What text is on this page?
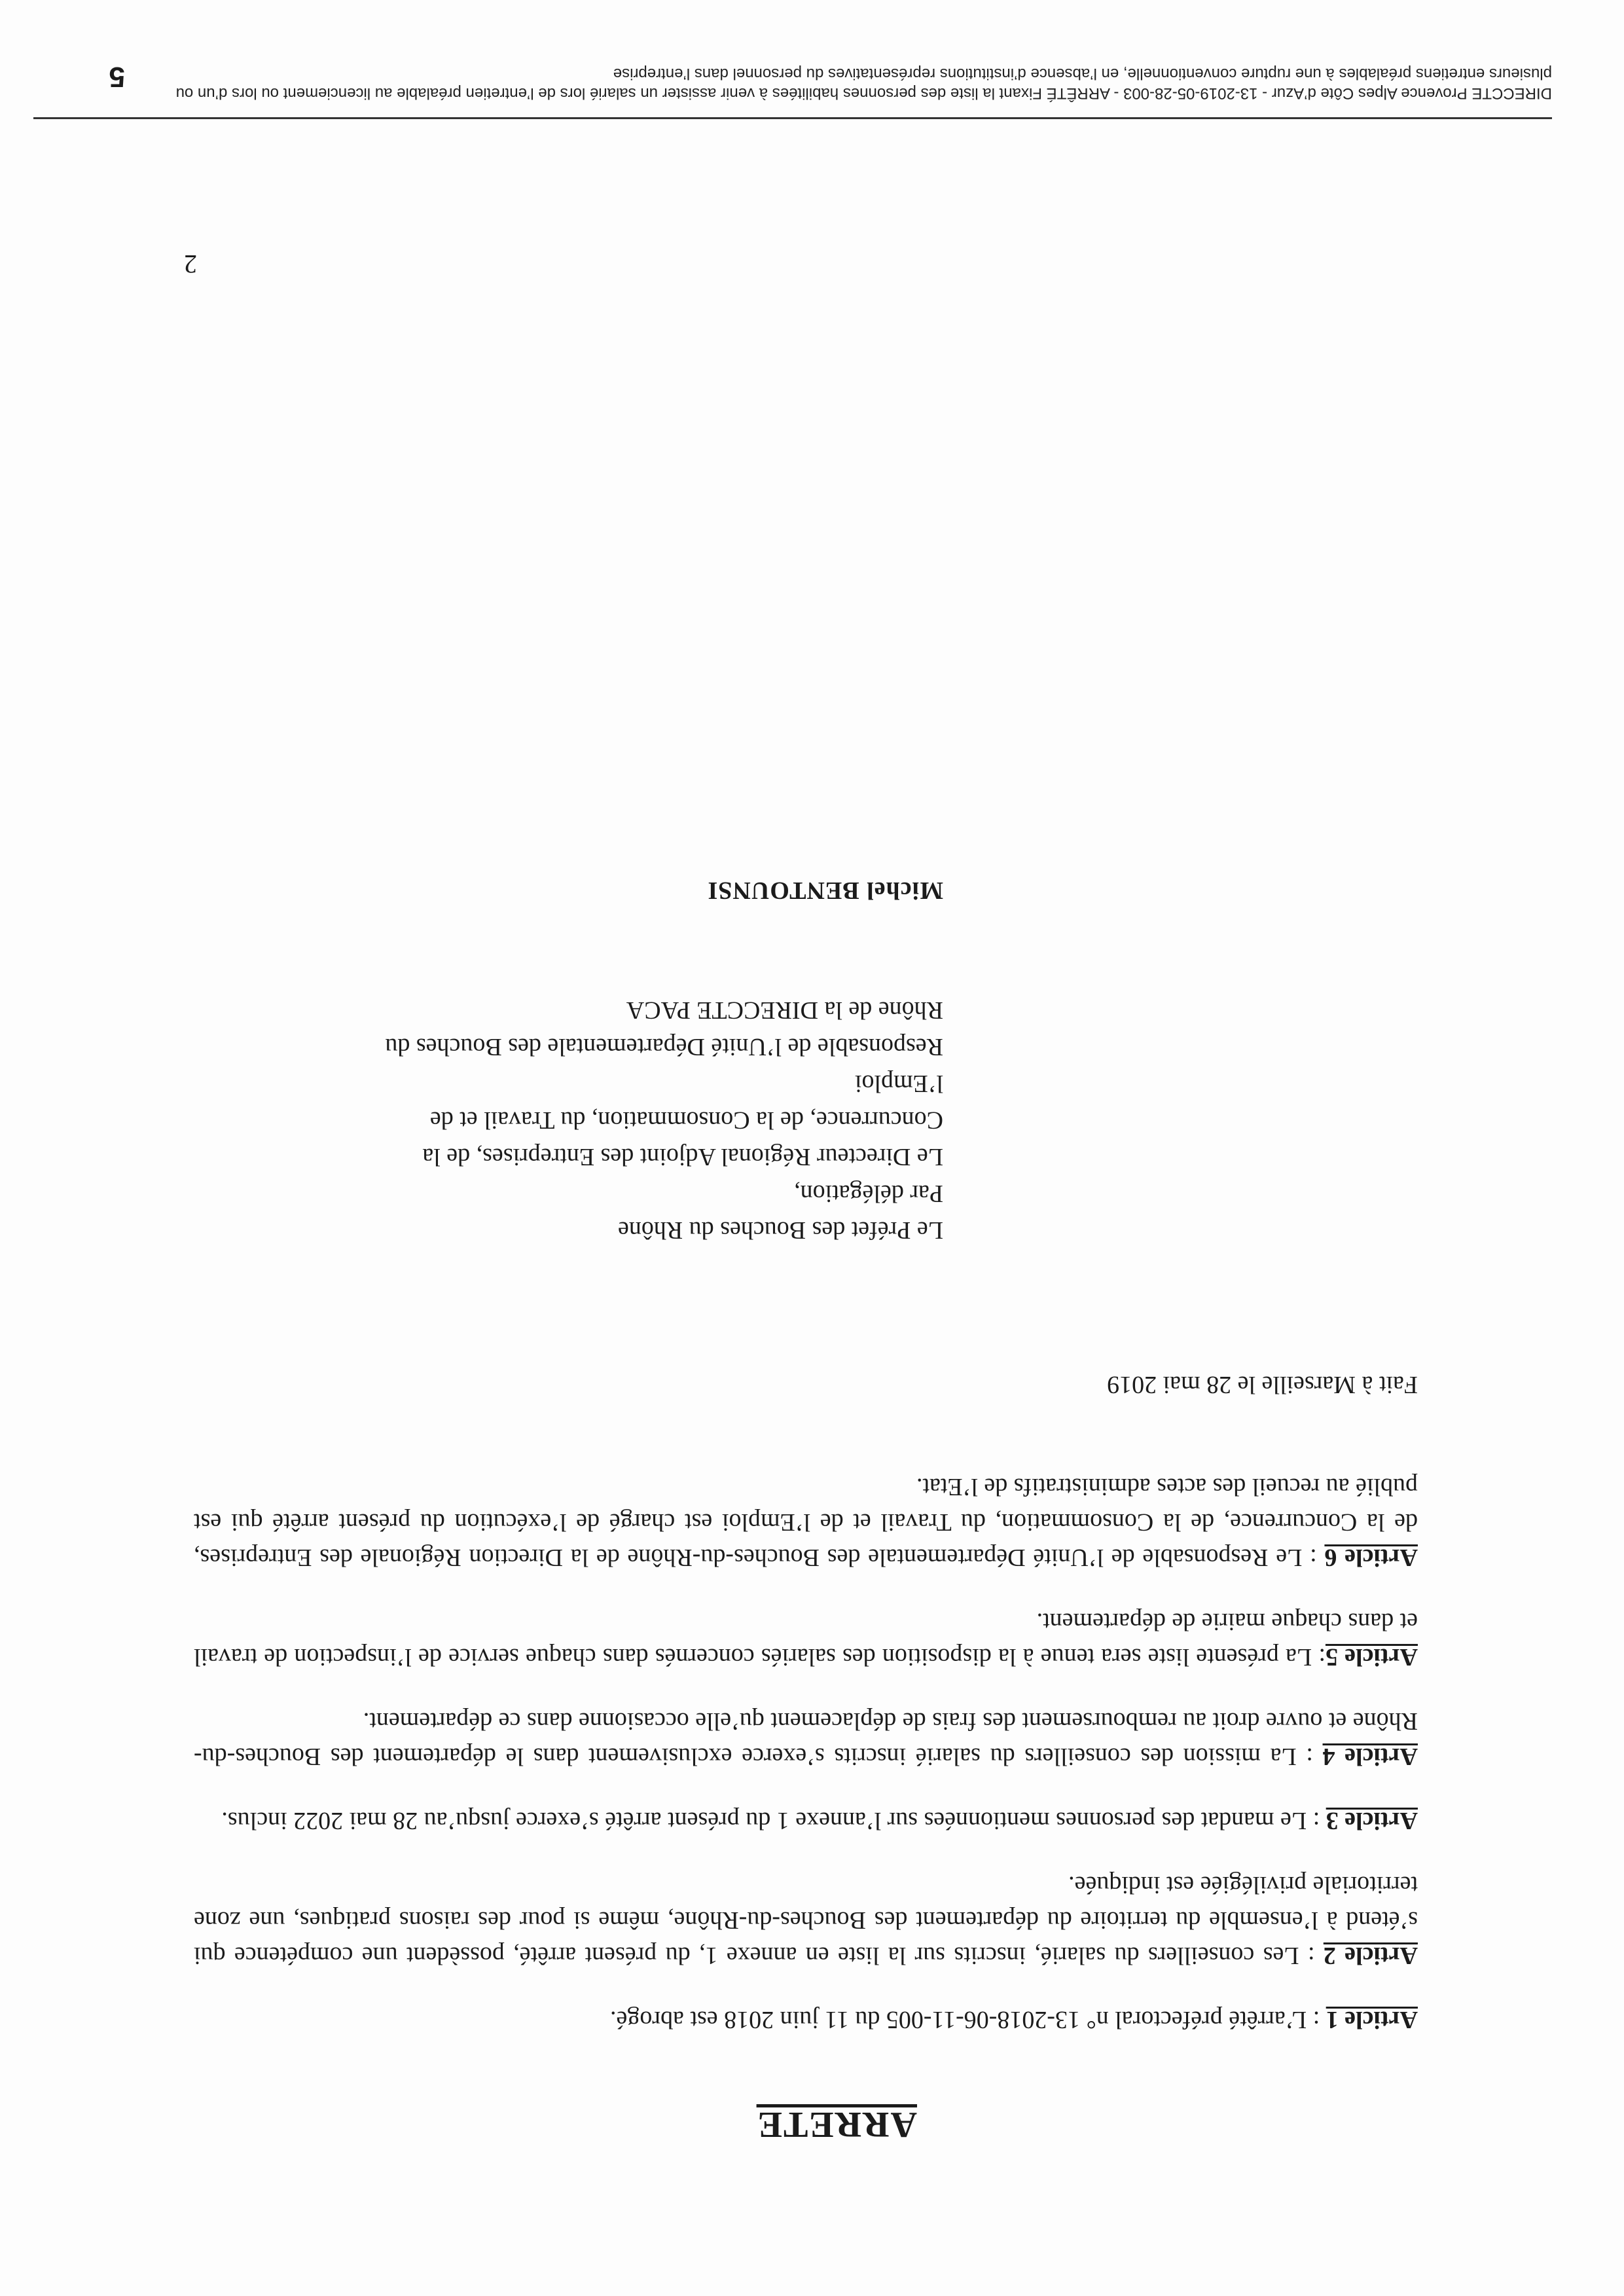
ARRETE

Article 1 : L’arrêté préfectoral n° 13-2018-06-11-005 du 11 juin 2018 est abrogé.

Article 2 : Les conseillers du salarié, inscrits sur la liste en annexe 1, du présent arrêté, possèdent une compétence qui s’étend à l’ensemble du territoire du département des Bouches-du-Rhône, même si pour des raisons pratiques, une zone territoriale privilégiée est indiquée.

Article 3 : Le mandat des personnes mentionnées sur l’annexe 1 du présent arrêté s’exerce jusqu’au 28 mai 2022 inclus.

Article 4 : La mission des conseillers du salarié inscrits s’exerce exclusivement dans le département des Bouches-du-Rhône et ouvre droit au remboursement des frais de déplacement qu’elle occasionne dans ce département.

Article 5: La présente liste sera tenue à la disposition des salariés concernés dans chaque service de l’inspection de travail et dans chaque mairie de département.

Article 6 : Le Responsable de l’Unité Départementale des Bouches-du-Rhône de la Direction Régionale des Entreprises, de la Concurrence, de la Consommation, du Travail et de l’Emploi est chargé de l’exécution du présent arrêté qui est publié au recueil des actes administratifs de l’Etat.

Fait à Marseille le 28 mai 2019
Le Préfet des Bouches du Rhône
Par délégation,
Le Directeur Régional Adjoint des Entreprises, de la
Concurrence, de la Consommation, du Travail et de
l’Emploi
Responsable de l’Unité Départementale des Bouches du
Rhône de la DIRECCTE PACA
Michel BENTOUNSI
2
DIRECCTE Provence Alpes Côte d’Azur - 13-2019-05-28-003 - ARRÊTÉ Fixant la liste des personnes habilitées à venir assister un salarié lors de l’entretien préalable au licenciement ou lors d’un ou plusieurs entretiens préalables à une rupture conventionnelle, en l’absence d’institutions représentatives du personnel dans l’entreprise
5
